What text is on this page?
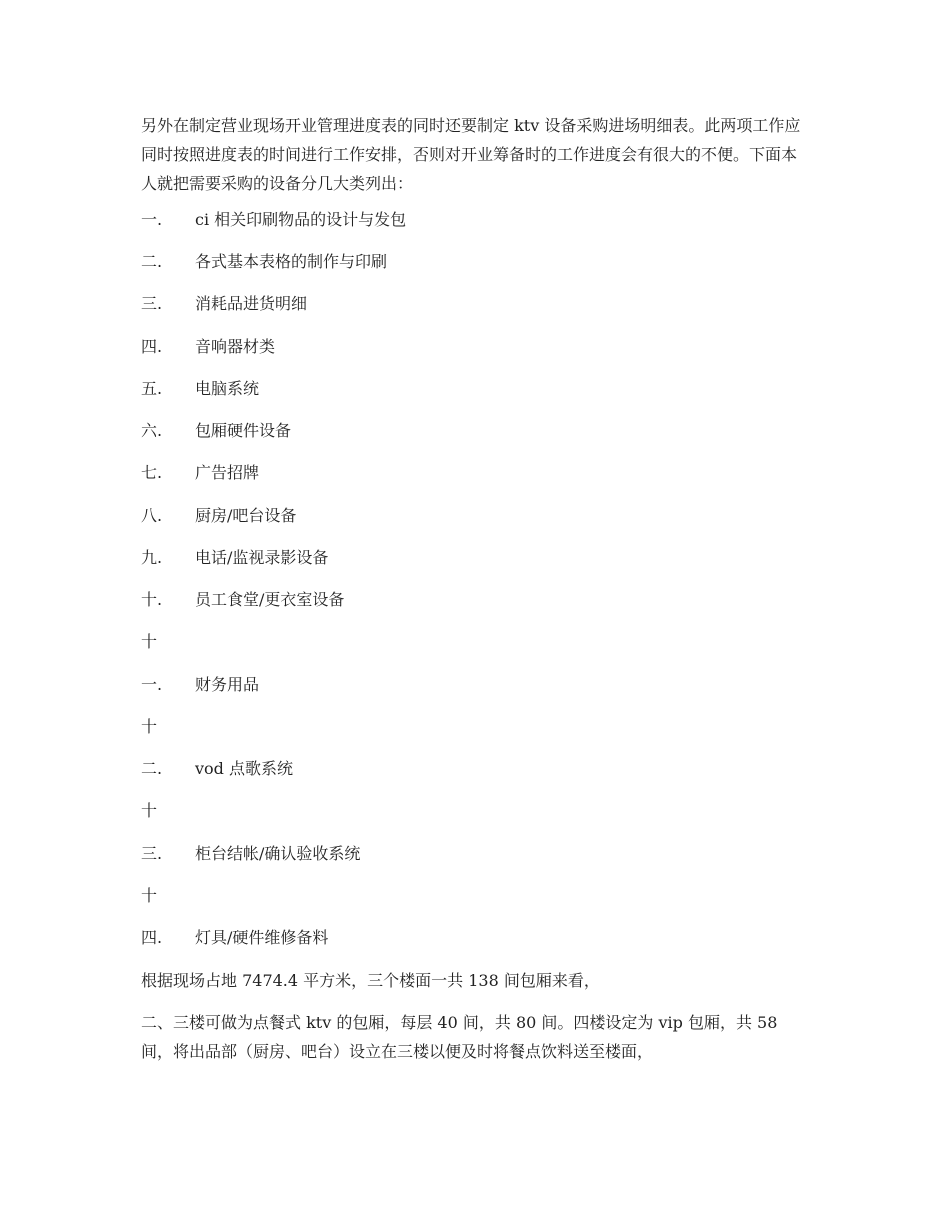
另外在制定营业现场开业管理进度表的同时还要制定 ktv 设备采购进场明细表。此两项工作应同时按照进度表的时间进行工作安排，否则对开业筹备时的工作进度会有很大的不便。下面本人就把需要采购的设备分几大类列出：

一. ci 相关印刷物品的设计与发包
二. 各式基本表格的制作与印刷
三. 消耗品进货明细
四. 音响器材类
五. 电脑系统
六. 包厢硬件设备
七. 广告招牌
八. 厨房/吧台设备
九. 电话/监视录影设备
十. 员工食堂/更衣室设备
十
一. 财务用品
十
二. vod 点歌系统
十
三. 柜台结帐/确认验收系统
十
四. 灯具/硬件维修备料
根据现场占地 7474.4 平方米，三个楼面一共 138 间包厢来看，

二、三楼可做为点餐式 ktv 的包厢，每层 40 间，共 80 间。四楼设定为 vip 包厢，共 58 间，将出品部（厨房、吧台）设立在三楼以便及时将餐点饮料送至楼面，
